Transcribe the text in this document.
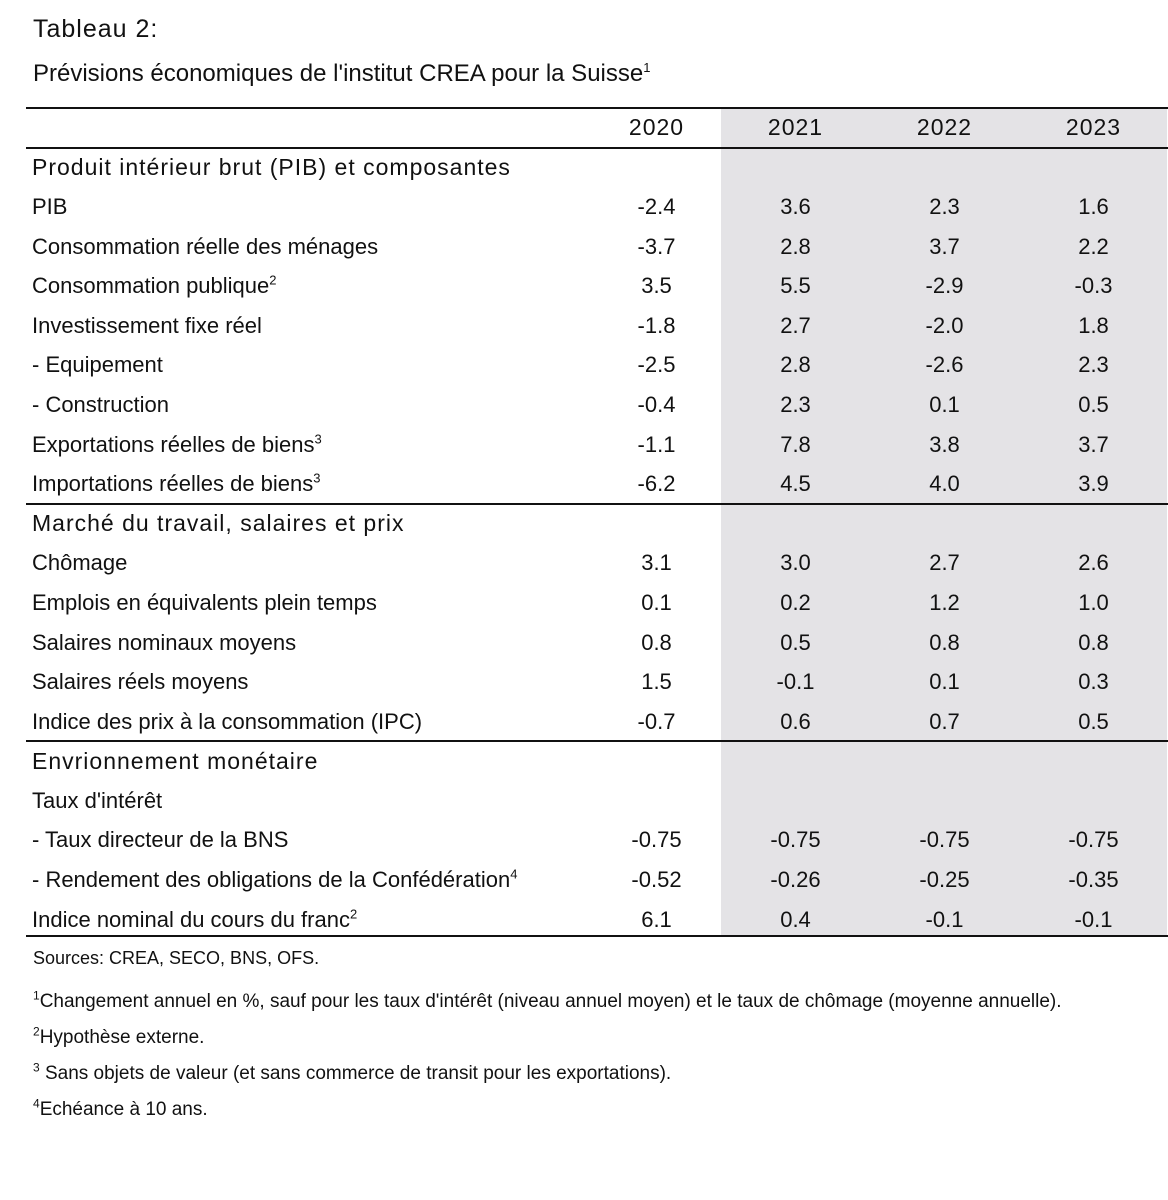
Tableau 2:
Prévisions économiques de l'institut CREA pour la Suisse$^1$
	2020	2021	2022	2023
Produit intérieur brut (PIB) et composantes				
PIB	-2.4	3.6	2.3	1.6
Consommation réelle des ménages	-3.7	2.8	3.7	2.2
Consommation publique$^2$	3.5	5.5	-2.9	-0.3
Investissement fixe réel	-1.8	2.7	-2.0	1.8
- Equipement	-2.5	2.8	-2.6	2.3
- Construction	-0.4	2.3	0.1	0.5
Exportations réelles de biens$^3$	-1.1	7.8	3.8	3.7
Importations réelles de biens$^3$	-6.2	4.5	4.0	3.9
Marché du travail, salaires et prix				
Chômage	3.1	3.0	2.7	2.6
Emplois en équivalents plein temps	0.1	0.2	1.2	1.0
Salaires nominaux moyens	0.8	0.5	0.8	0.8
Salaires réels moyens	1.5	-0.1	0.1	0.3
Indice des prix à la consommation (IPC)	-0.7	0.6	0.7	0.5
Envrionnement monétaire				
Taux d'intérêt				
- Taux directeur de la BNS	-0.75	-0.75	-0.75	-0.75
- Rendement des obligations de la Confédération$^4$	-0.52	-0.26	-0.25	-0.35
Indice nominal du cours du franc$^2$	6.1	0.4	-0.1	-0.1
Sources: CREA, SECO, BNS, OFS.
$^1$Changement annuel en %, sauf pour les taux d'intérêt (niveau annuel moyen) et le taux de chômage (moyenne annuelle).
$^2$Hypothèse externe.
$^3$ Sans objets de valeur (et sans commerce de transit pour les exportations).
$^4$Echéance à 10 ans.
